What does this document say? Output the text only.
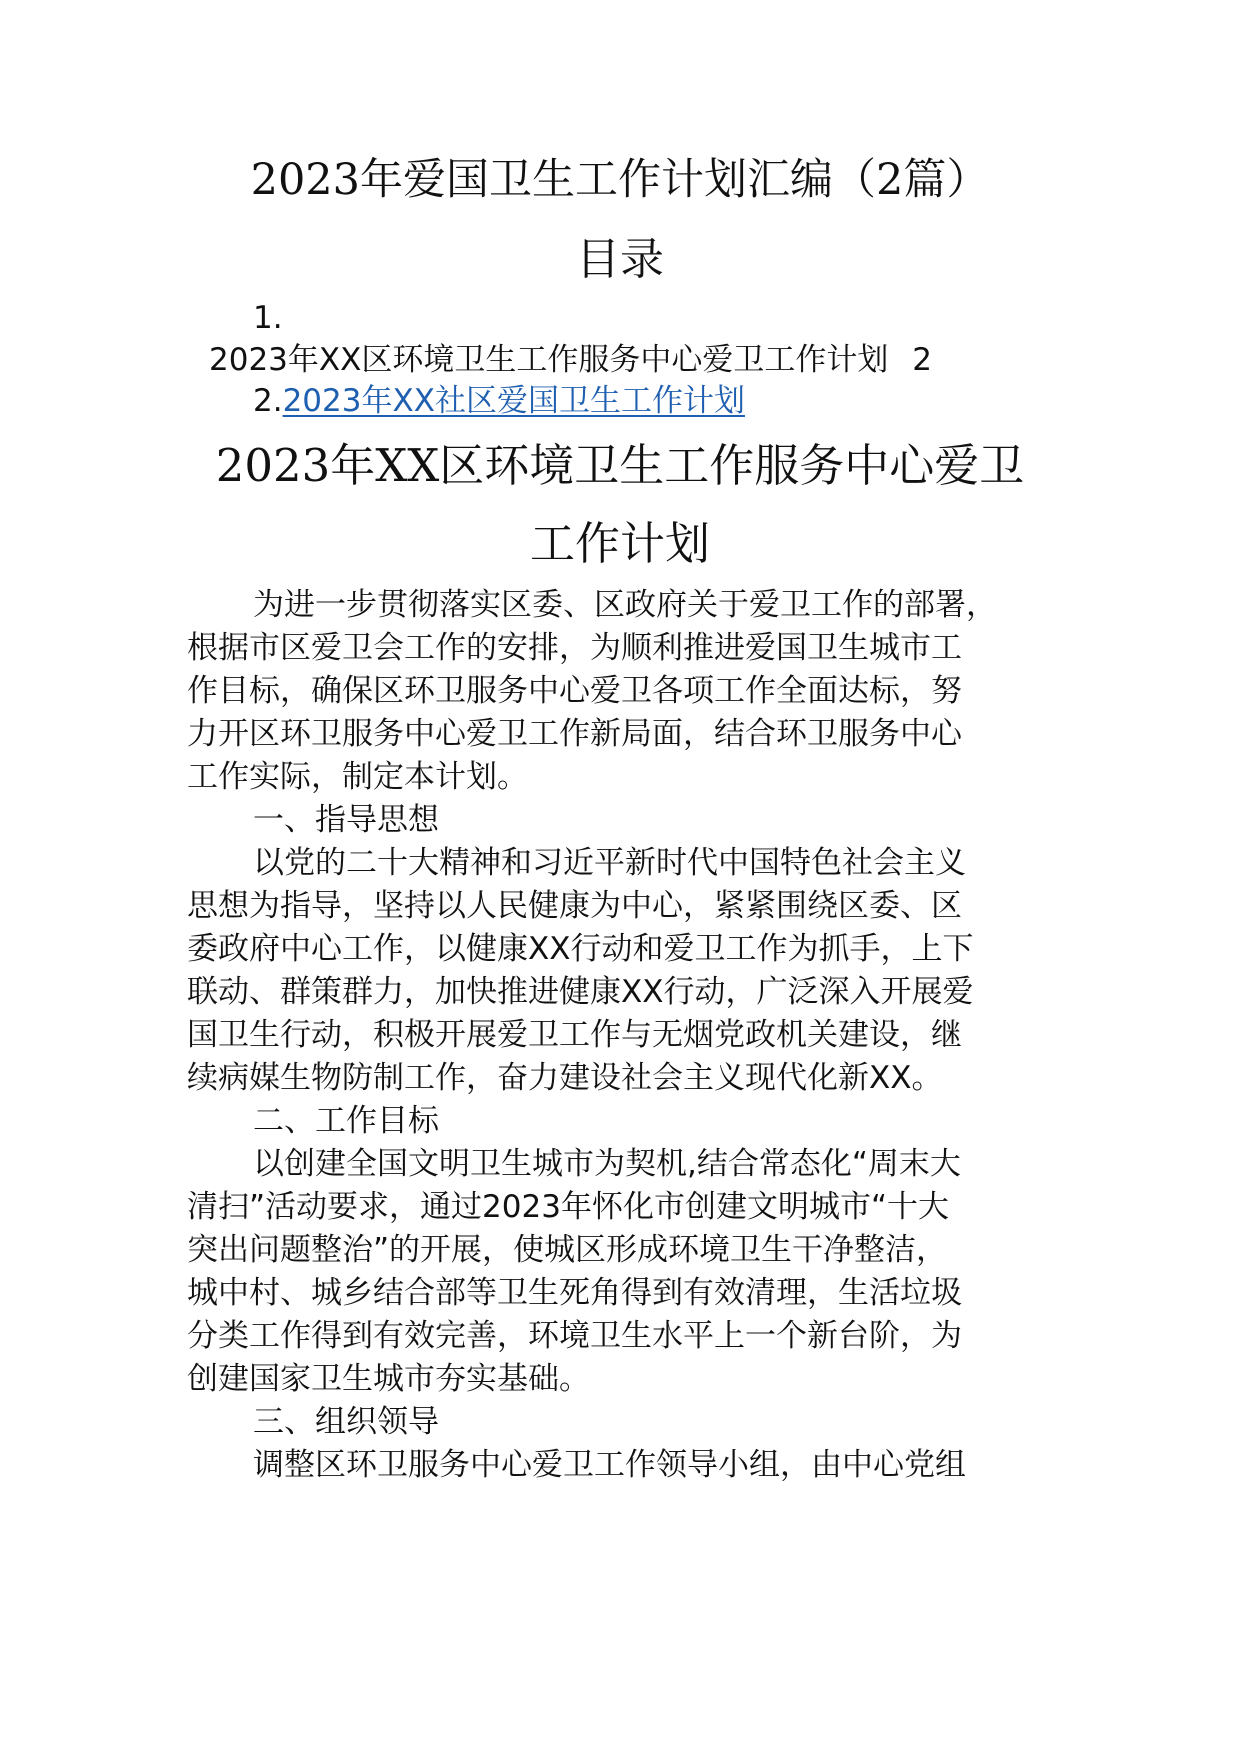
2023年爱国卫生工作计划汇编（2篇）
目录
1.
2023年XX区环境卫生工作服务中心爱卫工作计划 2
2.2023年XX社区爱国卫生工作计划
2023年XX区环境卫生工作服务中心爱卫
工作计划
为进一步贯彻落实区委、区政府关于爱卫工作的部署，
根据市区爱卫会工作的安排，为顺利推进爱国卫生城市工
作目标，确保区环卫服务中心爱卫各项工作全面达标，努
力开区环卫服务中心爱卫工作新局面，结合环卫服务中心
工作实际，制定本计划。
一、指导思想
以党的二十大精神和习近平新时代中国特色社会主义
思想为指导，坚持以人民健康为中心，紧紧围绕区委、区
委政府中心工作，以健康XX行动和爱卫工作为抓手，上下
联动、群策群力，加快推进健康XX行动，广泛深入开展爱
国卫生行动，积极开展爱卫工作与无烟党政机关建设，继
续病媒生物防制工作，奋力建设社会主义现代化新XX。
二、工作目标
以创建全国文明卫生城市为契机,结合常态化“周末大
清扫”活动要求，通过2023年怀化市创建文明城市“十大
突出问题整治”的开展，使城区形成环境卫生干净整洁，
城中村、城乡结合部等卫生死角得到有效清理，生活垃圾
分类工作得到有效完善，环境卫生水平上一个新台阶，为
创建国家卫生城市夯实基础。
三、组织领导
调整区环卫服务中心爱卫工作领导小组，由中心党组
